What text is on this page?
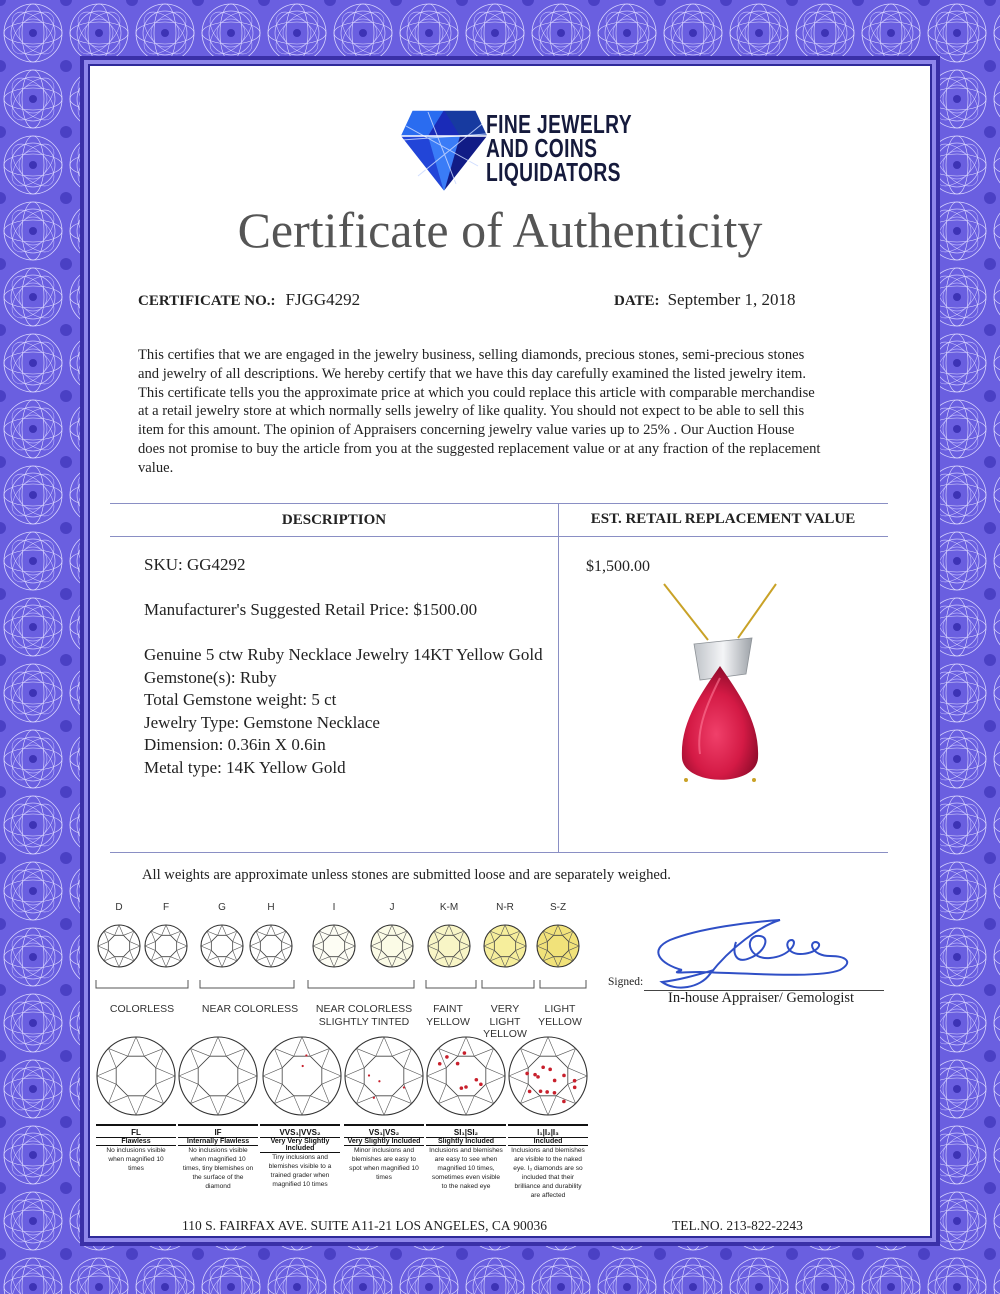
FINE JEWELRY
AND COINS
LIQUIDATORS
Certificate of Authenticity
CERTIFICATE NO.: FJGG4292	DATE: September 1, 2018
This certifies that we are engaged in the jewelry business, selling diamonds, precious stones, semi-precious stones
and jewelry of all descriptions. We hereby certify that we have this day carefully examined the listed jewelry item.
This certificate tells you the approximate price at which you could replace this article with comparable merchandise
at a retail jewelry store at which normally sells jewelry of like quality. You should not expect to be able to sell this
item for this amount. The opinion of Appraisers concerning jewelry value varies up to 25% . Our Auction House
does not promise to buy the article from you at the suggested replacement value or at any fraction of the replacement
value.
DESCRIPTION	EST. RETAIL REPLACEMENT VALUE
SKU: GG4292
Manufacturer's Suggested Retail Price: $1500.00
Genuine 5 ctw Ruby Necklace Jewelry 14KT Yellow Gold
Gemstone(s): Ruby
Total Gemstone weight: 5 ct
Jewelry Type: Gemstone Necklace
Dimension: 0.36in X 0.6in
Metal type: 14K Yellow Gold
$1,500.00
All weights are approximate unless stones are submitted loose and are separately weighed.
D	F	G	H	I	J	K-M	N-R	S-Z
COLORLESS	NEAR COLORLESS	NEAR COLORLESS
SLIGHTLY TINTED
FAINT
YELLOW
VERY LIGHT
YELLOW
LIGHT
YELLOW
FL
Flawless
No inclusions visible
when magnified 10
times
IF
Internally Flawless
No inclusions visible
when magnified 10
times, tiny blemishes on
the surface of the
diamond
VVS₁|VVS₂
Very Very Slightly Included
Tiny inclusions and
blemishes visible to a
trained grader when
magnified 10 times
VS₁|VS₂
Very Slightly Included
Minor inclusions and
blemishes are easy to
spot when magnified 10
times
SI₁|SI₂
Slightly Included
Inclusions and blemishes
are easy to see when
magnified 10 times,
sometimes even visible
to the naked eye
I₁|I₂|I₃
Included
Inclusions and blemishes
are visible to the naked
eye. I₃ diamonds are so
included that their
brilliance and durability
are affected
Signed:
In-house Appraiser/ Gemologist
110 S. FAIRFAX AVE. SUITE A11-21 LOS ANGELES, CA 90036	TEL.NO. 213-822-2243
